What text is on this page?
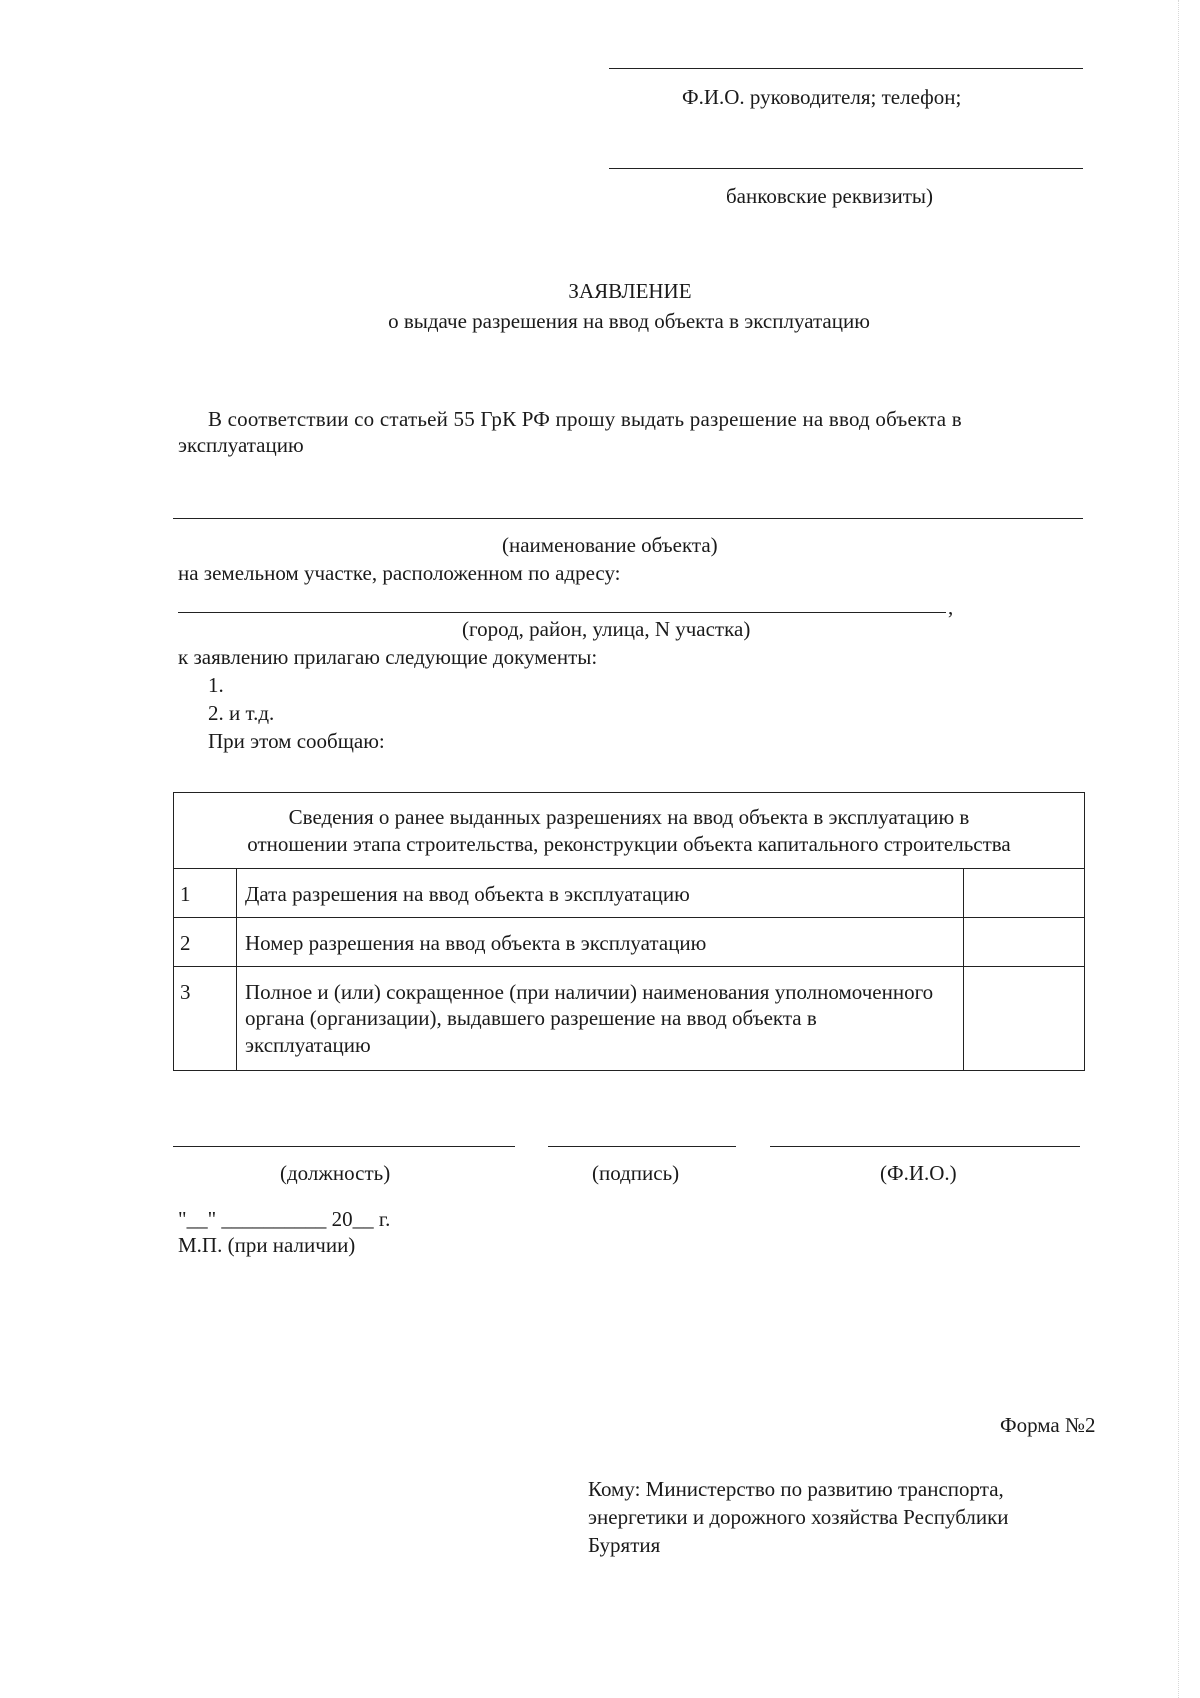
Ф.И.О. руководителя; телефон;
банковские реквизиты)
ЗАЯВЛЕНИЕ
о выдаче разрешения на ввод объекта в эксплуатацию
В соответствии со статьей 55 ГрК РФ прошу выдать разрешение на ввод объекта в
эксплуатацию
(наименование объекта)
на земельном участке, расположенном по адресу:
,
(город, район, улица, N участка)
к заявлению прилагаю следующие документы:
1.
2. и т.д.
При этом сообщаю:
Сведения о ранее выданных разрешениях на ввод объекта в эксплуатацию в
отношении этапа строительства, реконструкции объекта капитального строительства
1	Дата разрешения на ввод объекта в эксплуатацию
2	Номер разрешения на ввод объекта в эксплуатацию
3	Полное и (или) сокращенное (при наличии) наименования уполномоченного органа (организации), выдавшего разрешение на ввод объекта в эксплуатацию
(должность)	(подпись)	(Ф.И.О.)
"__" __________ 20__ г.
М.П. (при наличии)
Форма №2
Кому: Министерство по развитию транспорта,
энергетики и дорожного хозяйства Республики
Бурятия
